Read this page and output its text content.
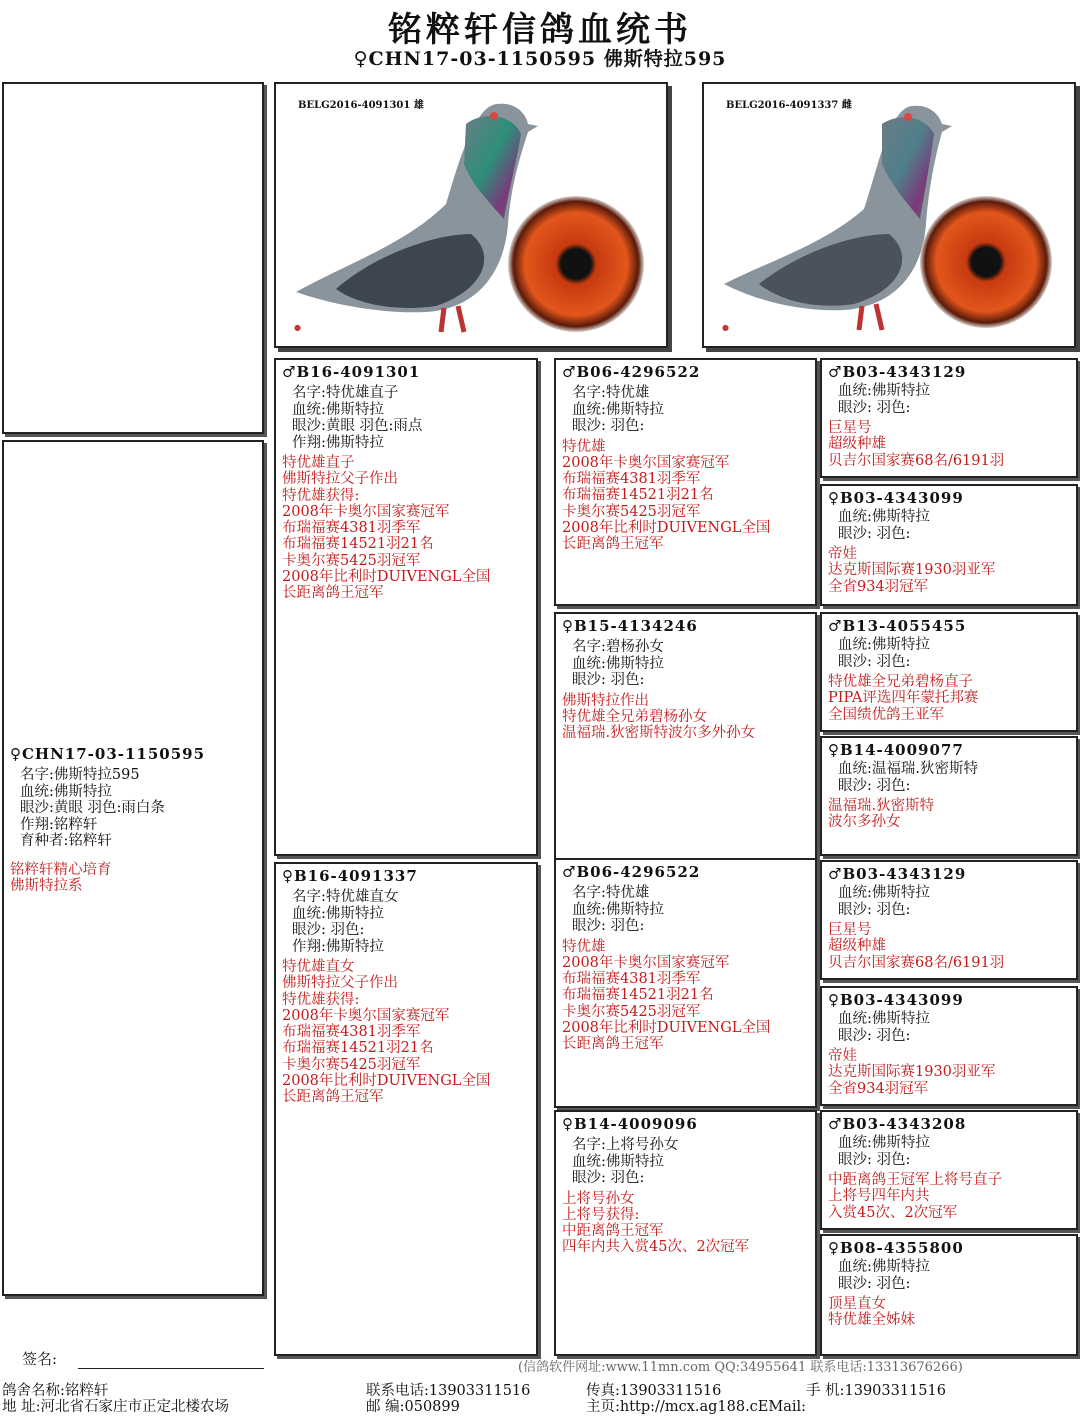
铭粹轩信鸽血统书
♀CHN17-03-1150595 佛斯特拉595
BELG2016-4091301 雄
●
BELG2016-4091337 雌
●
♀CHN17-03-1150595
名字:佛斯特拉595
血统:佛斯特拉
眼沙:黄眼 羽色:雨白条
作翔:铭粹轩
育种者:铭粹轩
铭粹轩精心培育
佛斯特拉系
♂B16-4091301
名字:特优雄直子
血统:佛斯特拉
眼沙:黄眼 羽色:雨点
作翔:佛斯特拉
特优雄直子
佛斯特拉父子作出
特优雄获得:
2008年卡奥尔国家赛冠军
布瑞福赛4381羽季军
布瑞福赛14521羽21名
卡奥尔赛5425羽冠军
2008年比利时DUIVENGL全国
长距离鸽王冠军
♀B16-4091337
名字:特优雄直女
血统:佛斯特拉
眼沙: 羽色:
作翔:佛斯特拉
特优雄直女
佛斯特拉父子作出
特优雄获得:
2008年卡奥尔国家赛冠军
布瑞福赛4381羽季军
布瑞福赛14521羽21名
卡奥尔赛5425羽冠军
2008年比利时DUIVENGL全国
长距离鸽王冠军
♂B06-4296522
名字:特优雄
血统:佛斯特拉
眼沙: 羽色:
特优雄
2008年卡奥尔国家赛冠军
布瑞福赛4381羽季军
布瑞福赛14521羽21名
卡奥尔赛5425羽冠军
2008年比利时DUIVENGL全国
长距离鸽王冠军
♀B15-4134246
名字:碧杨孙女
血统:佛斯特拉
眼沙: 羽色:
佛斯特拉作出
特优雄全兄弟碧杨孙女
温福瑞.狄密斯特波尔多外孙女
♂B06-4296522
名字:特优雄
血统:佛斯特拉
眼沙: 羽色:
特优雄
2008年卡奥尔国家赛冠军
布瑞福赛4381羽季军
布瑞福赛14521羽21名
卡奥尔赛5425羽冠军
2008年比利时DUIVENGL全国
长距离鸽王冠军
♀B14-4009096
名字:上将号孙女
血统:佛斯特拉
眼沙: 羽色:
上将号孙女
上将号获得:
中距离鸽王冠军
四年内共入赏45次、2次冠军
♂B03-4343129
血统:佛斯特拉
眼沙: 羽色:
巨星号
超级种雄
贝吉尔国家赛68名/6191羽
♀B03-4343099
血统:佛斯特拉
眼沙: 羽色:
帝娃
达克斯国际赛1930羽亚军
全省934羽冠军
♂B13-4055455
血统:佛斯特拉
眼沙: 羽色:
特优雄全兄弟碧杨直子
PIPA评选四年蒙托邦赛
全国绩优鸽王亚军
♀B14-4009077
血统:温福瑞.狄密斯特
眼沙: 羽色:
温福瑞.狄密斯特
波尔多孙女
♂B03-4343129
血统:佛斯特拉
眼沙: 羽色:
巨星号
超级种雄
贝吉尔国家赛68名/6191羽
♀B03-4343099
血统:佛斯特拉
眼沙: 羽色:
帝娃
达克斯国际赛1930羽亚军
全省934羽冠军
♂B03-4343208
血统:佛斯特拉
眼沙: 羽色:
中距离鸽王冠军上将号直子
上将号四年内共
入赏45次、2次冠军
♀B08-4355800
血统:佛斯特拉
眼沙: 羽色:
顶星直女
特优雄全姊妹
签名:	(信鸽软件网址:www.11mn.com QQ:34955641 联系电话:13313676266)
鸽舍名称:铭粹轩
地 址:河北省石家庄市正定北楼农场
联系电话:13903311516
邮 编:050899
传真:13903311516
主页:http://mcx.ag188.cEMail:
手 机:13903311516
